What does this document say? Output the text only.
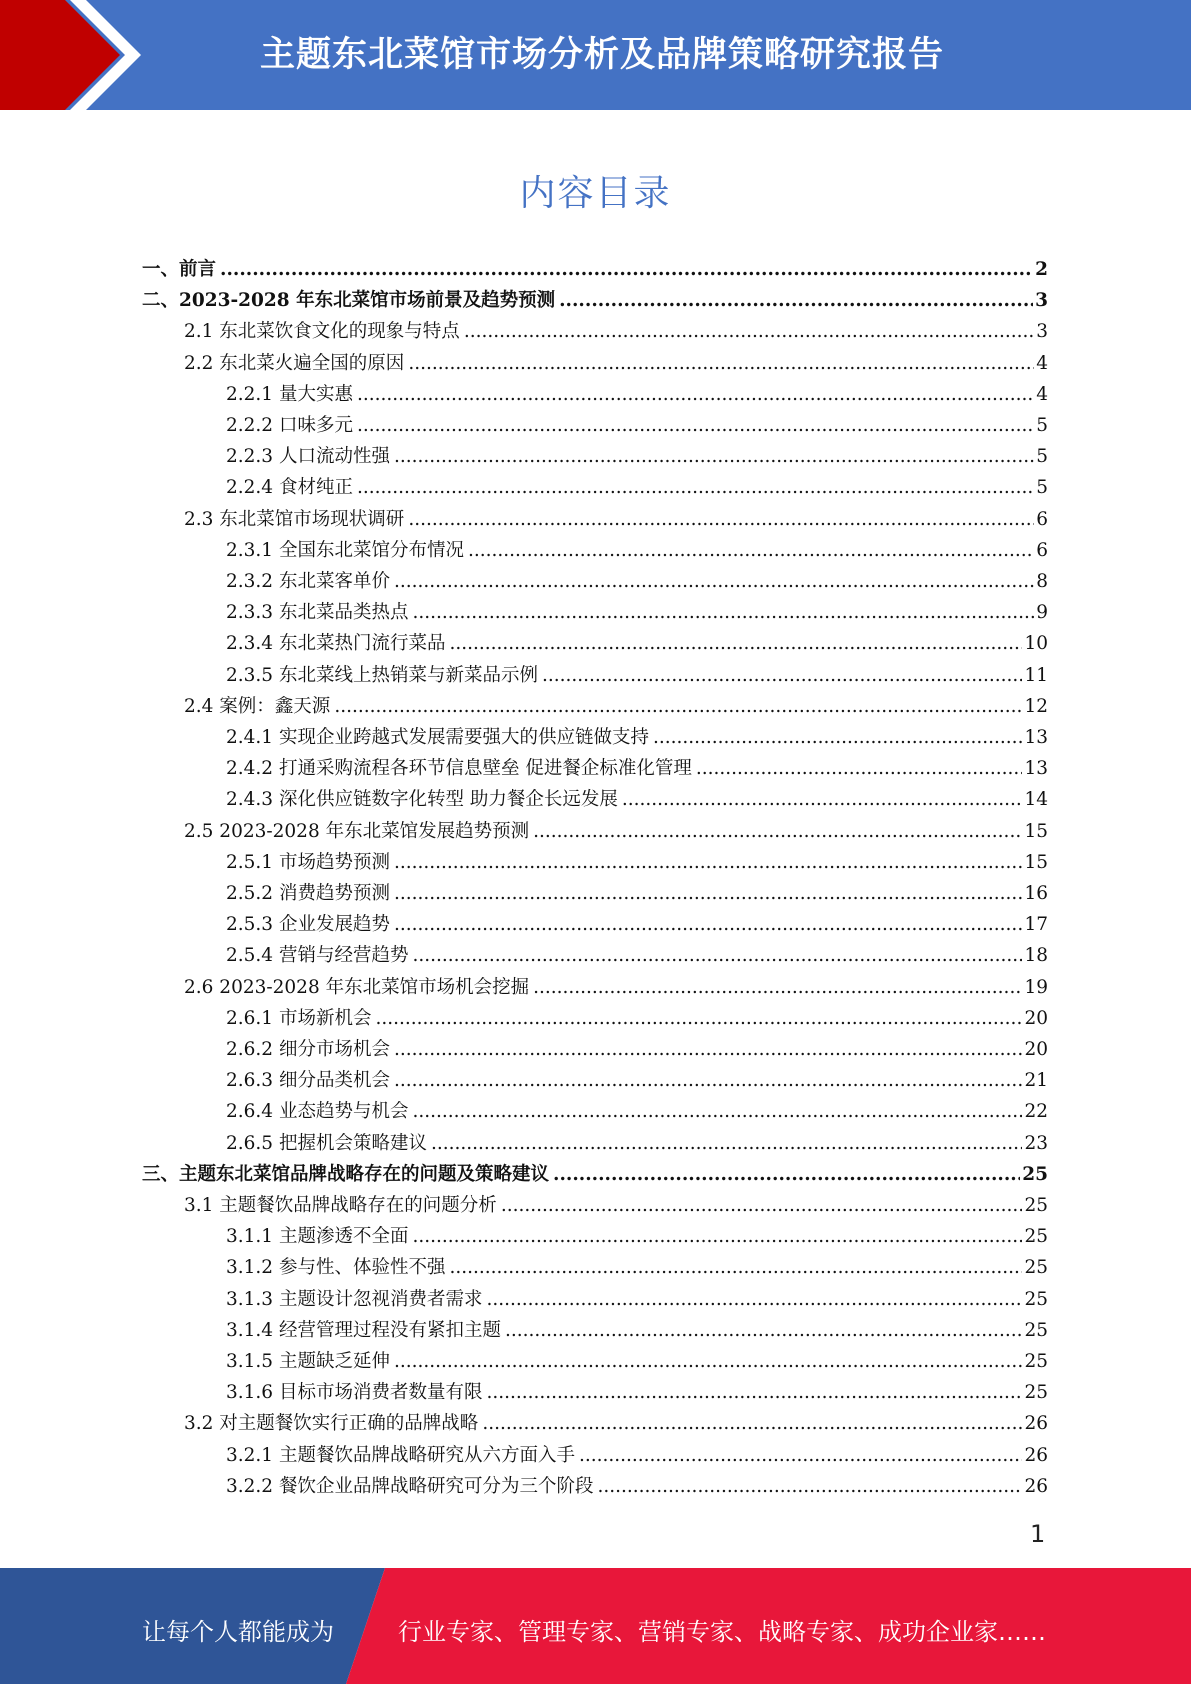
主题东北菜馆市场分析及品牌策略研究报告
内容目录
一、前言 .....	2
二、2023-2028 年东北菜馆市场前景及趋势预测 .....	3
2.1 东北菜饮食文化的现象与特点 .....	3
2.2 东北菜火遍全国的原因 .....	4
2.2.1 量大实惠 .....	4
2.2.2 口味多元 .....	5
2.2.3 人口流动性强 .....	5
2.2.4 食材纯正 .....	5
2.3 东北菜馆市场现状调研 .....	6
2.3.1 全国东北菜馆分布情况 .....	6
2.3.2 东北菜客单价 .....	8
2.3.3 东北菜品类热点 .....	9
2.3.4 东北菜热门流行菜品 .....	10
2.3.5 东北菜线上热销菜与新菜品示例 .....	11
2.4 案例：鑫天源 .....	12
2.4.1 实现企业跨越式发展需要强大的供应链做支持 .....	13
2.4.2 打通采购流程各环节信息壁垒 促进餐企标准化管理 .....	13
2.4.3 深化供应链数字化转型 助力餐企长远发展 .....	14
2.5 2023-2028 年东北菜馆发展趋势预测 .....	15
2.5.1 市场趋势预测 .....	15
2.5.2 消费趋势预测 .....	16
2.5.3 企业发展趋势 .....	17
2.5.4 营销与经营趋势 .....	18
2.6 2023-2028 年东北菜馆市场机会挖掘 .....	19
2.6.1 市场新机会 .....	20
2.6.2 细分市场机会 .....	20
2.6.3 细分品类机会 .....	21
2.6.4 业态趋势与机会 .....	22
2.6.5 把握机会策略建议 .....	23
三、主题东北菜馆品牌战略存在的问题及策略建议 .....	25
3.1 主题餐饮品牌战略存在的问题分析 .....	25
3.1.1 主题渗透不全面 .....	25
3.1.2 参与性、体验性不强 .....	25
3.1.3 主题设计忽视消费者需求 .....	25
3.1.4 经营管理过程没有紧扣主题 .....	25
3.1.5 主题缺乏延伸 .....	25
3.1.6 目标市场消费者数量有限 .....	25
3.2 对主题餐饮实行正确的品牌战略 .....	26
3.2.1 主题餐饮品牌战略研究从六方面入手 .....	26
3.2.2 餐饮企业品牌战略研究可分为三个阶段 .....	26
1
让每个人都能成为	行业专家、管理专家、营销专家、战略专家、成功企业家……
